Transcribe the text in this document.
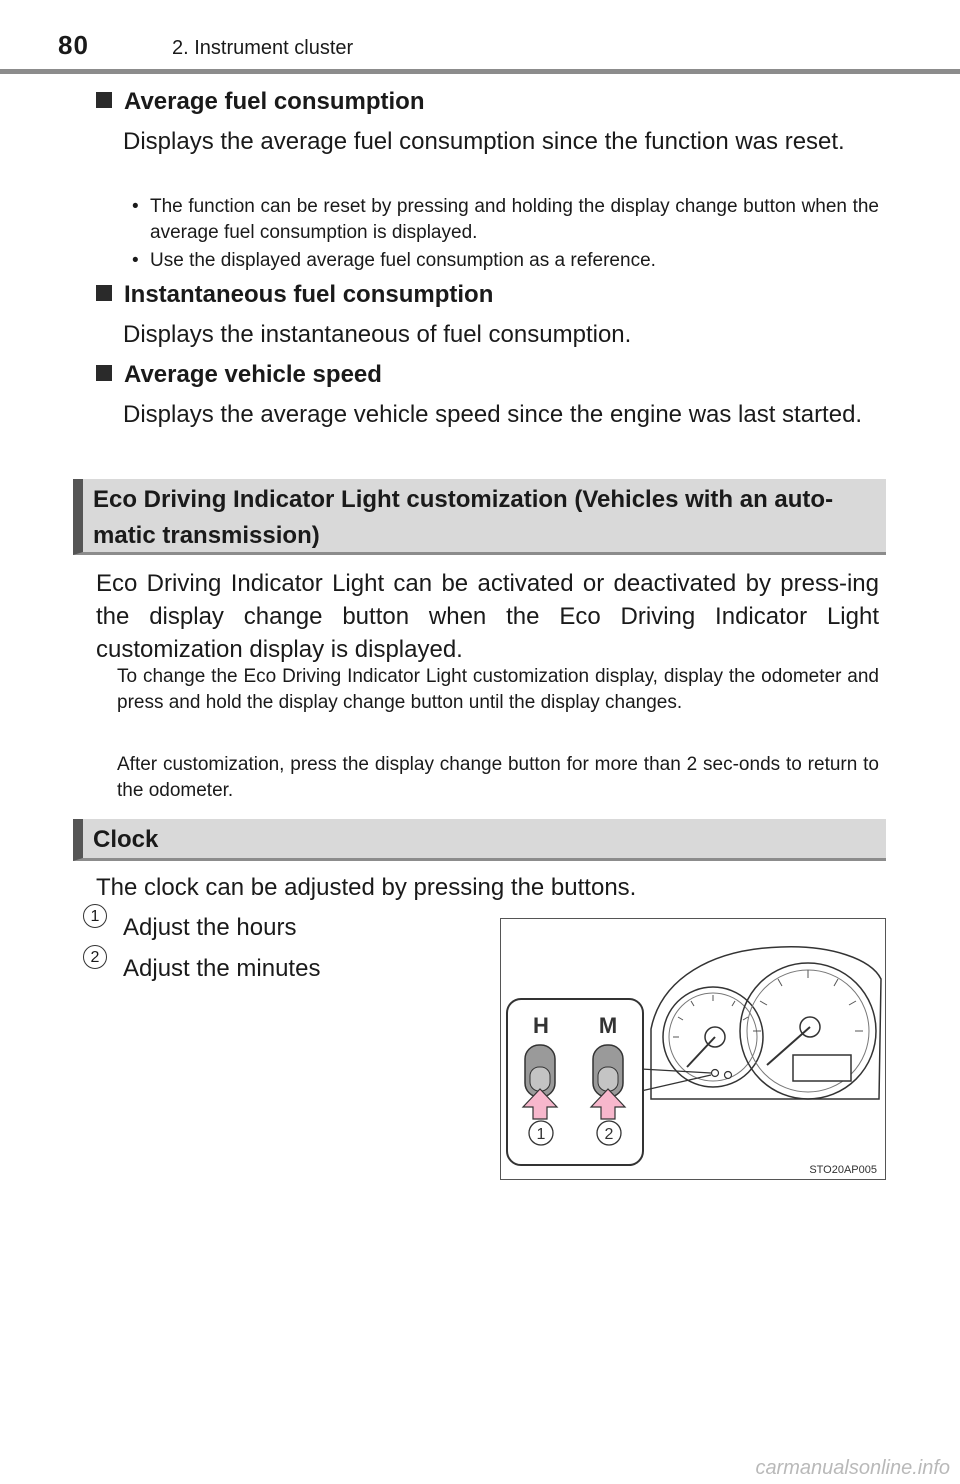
80	2. Instrument cluster
Average fuel consumption
Displays the average fuel consumption since the function was reset.
• The function can be reset by pressing and holding the display change button when the average fuel consumption is displayed.
• Use the displayed average fuel consumption as a reference.
Instantaneous fuel consumption
Displays the instantaneous of fuel consumption.
Average vehicle speed
Displays the average vehicle speed since the engine was last started.
Eco Driving Indicator Light customization (Vehicles with an auto-matic transmission)
Eco Driving Indicator Light can be activated or deactivated by press-ing the display change button when the Eco Driving Indicator Light customization display is displayed.
To change the Eco Driving Indicator Light customization display, display the odometer and press and hold the display change button until the display changes.
After customization, press the display change button for more than 2 sec-onds to return to the odometer.
Clock
The clock can be adjusted by pressing the buttons.
1 Adjust the hours
2 Adjust the minutes
H M
1	2
STO20AP005
carmanualsonline.info
